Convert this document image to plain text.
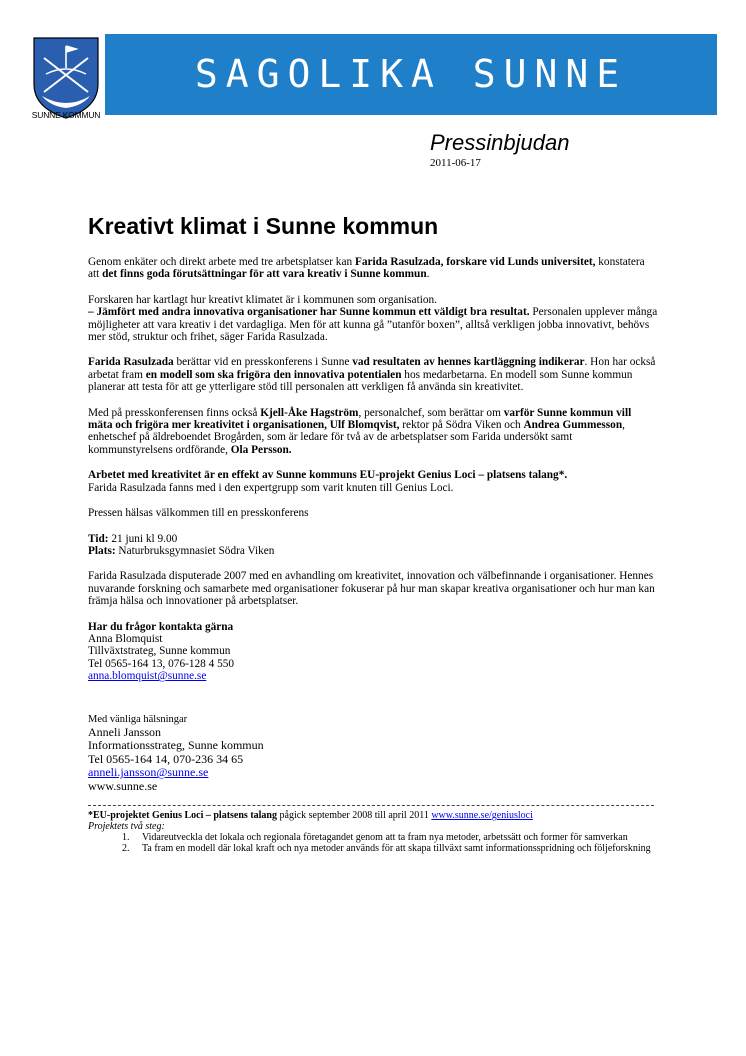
SUNNE KOMMUN
SAGOLIKA SUNNE
Pressinbjudan
2011-06-17
Kreativt klimat i Sunne kommun

Genom enkäter och direkt arbete med tre arbetsplatser kan Farida Rasulzada, forskare vid Lunds universitet, konstatera att det finns goda förutsättningar för att vara kreativ i Sunne kommun.

Forskaren har kartlagt hur kreativt klimatet är i kommunen som organisation.
– Jämfört med andra innovativa organisationer har Sunne kommun ett väldigt bra resultat. Personalen upplever många möjligheter att vara kreativ i det vardagliga. Men för att kunna gå ”utanför boxen”, alltså verkligen jobba innovativt, behövs mer stöd, struktur och frihet, säger Farida Rasulzada.

Farida Rasulzada berättar vid en presskonferens i Sunne vad resultaten av hennes kartläggning indikerar. Hon har också arbetat fram en modell som ska frigöra den innovativa potentialen hos medarbetarna. En modell som Sunne kommun planerar att testa för att ge ytterligare stöd till personalen att verkligen få använda sin kreativitet.

Med på presskonferensen finns också Kjell-Åke Hagström, personalchef, som berättar om varför Sunne kommun vill mäta och frigöra mer kreativitet i organisationen, Ulf Blomqvist, rektor på Södra Viken och Andrea Gummesson, enhetschef på äldreboendet Brogården, som är ledare för två av de arbetsplatser som Farida undersökt samt kommunstyrelsens ordförande, Ola Persson.

Arbetet med kreativitet är en effekt av Sunne kommuns EU-projekt Genius Loci – platsens talang*.
Farida Rasulzada fanns med i den expertgrupp som varit knuten till Genius Loci.

Pressen hälsas välkommen till en presskonferens

Tid: 21 juni kl 9.00
Plats: Naturbruksgymnasiet Södra Viken

Farida Rasulzada disputerade 2007 med en avhandling om kreativitet, innovation och välbefinnande i organisationer. Hennes nuvarande forskning och samarbete med organisationer fokuserar på hur man skapar kreativa organisationer och hur man kan främja hälsa och innovationer på arbetsplatser.

Har du frågor kontakta gärna
Anna Blomquist
Tillväxtstrateg, Sunne kommun
Tel 0565-164 13, 076-128 4 550
anna.blomquist@sunne.se
Med vänliga hälsningar
Anneli Jansson
Informationsstrateg, Sunne kommun
Tel 0565-164 14, 070-236 34 65
anneli.jansson@sunne.se
www.sunne.se
*EU-projektet Genius Loci – platsens talang pågick september 2008 till april 2011 www.sunne.se/geniusloci
Projektets två steg:
1. Vidareutveckla det lokala och regionala företagandet genom att ta fram nya metoder, arbetssätt och former för samverkan
2. Ta fram en modell där lokal kraft och nya metoder används för att skapa tillväxt samt informationsspridning och följeforskning
